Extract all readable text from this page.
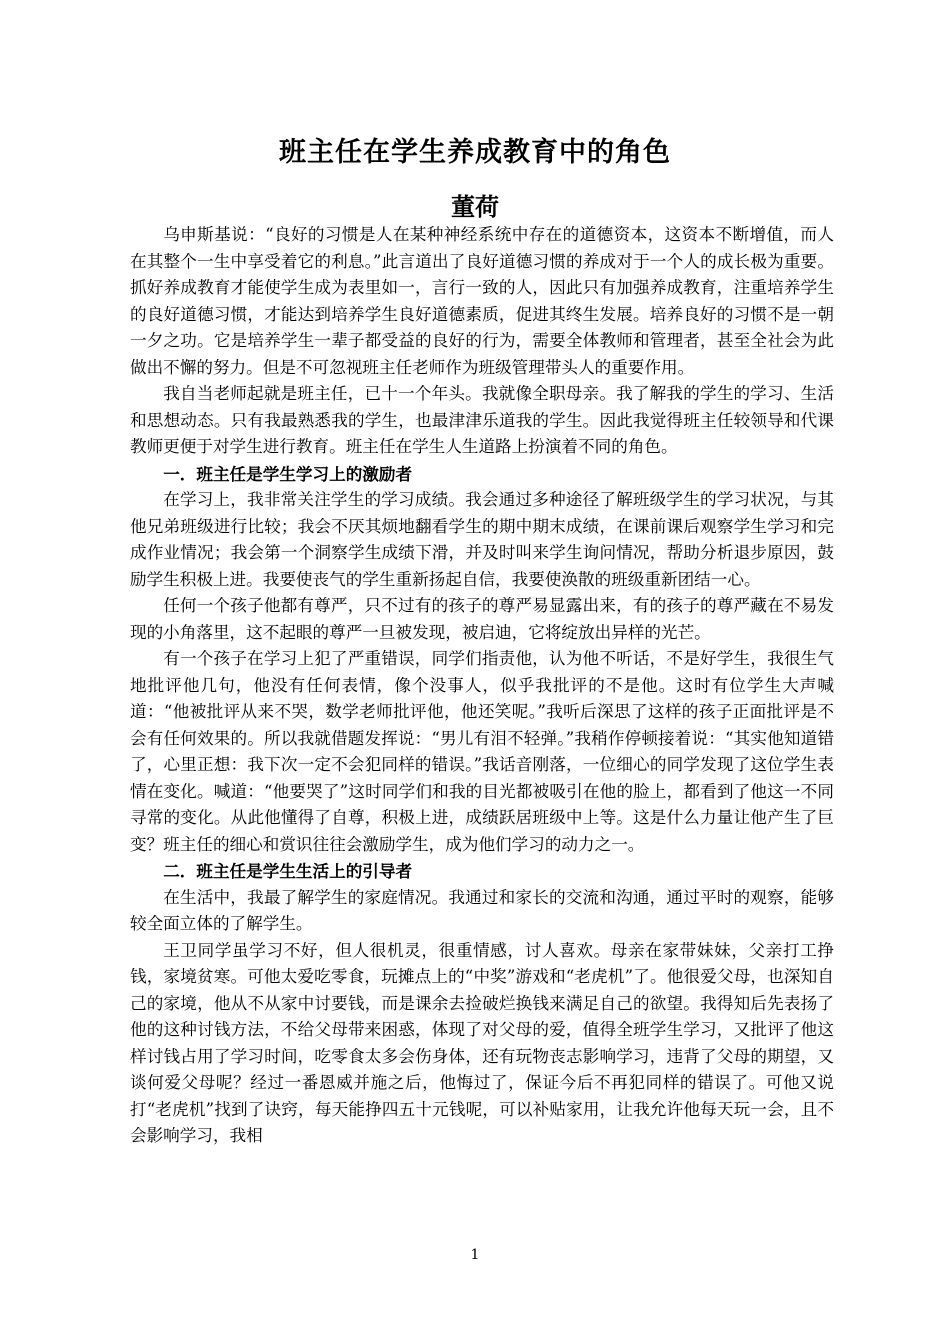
班主任在学生养成教育中的角色
董荷

乌申斯基说：“良好的习惯是人在某种神经系统中存在的道德资本，这资本不断增值，而人在其整个一生中享受着它的利息。”此言道出了良好道德习惯的养成对于一个人的成长极为重要。抓好养成教育才能使学生成为表里如一，言行一致的人，因此只有加强养成教育，注重培养学生的良好道德习惯，才能达到培养学生良好道德素质，促进其终生发展。培养良好的习惯不是一朝一夕之功。它是培养学生一辈子都受益的良好的行为，需要全体教师和管理者，甚至全社会为此做出不懈的努力。但是不可忽视班主任老师作为班级管理带头人的重要作用。

我自当老师起就是班主任，已十一个年头。我就像全职母亲。我了解我的学生的学习、生活和思想动态。只有我最熟悉我的学生，也最津津乐道我的学生。因此我觉得班主任较领导和代课教师更便于对学生进行教育。班主任在学生人生道路上扮演着不同的角色。

一．班主任是学生学习上的激励者

在学习上，我非常关注学生的学习成绩。我会通过多种途径了解班级学生的学习状况，与其他兄弟班级进行比较；我会不厌其烦地翻看学生的期中期末成绩，在课前课后观察学生学习和完成作业情况；我会第一个洞察学生成绩下滑，并及时叫来学生询问情况，帮助分析退步原因，鼓励学生积极上进。我要使丧气的学生重新扬起自信，我要使涣散的班级重新团结一心。

任何一个孩子他都有尊严，只不过有的孩子的尊严易显露出来，有的孩子的尊严藏在不易发现的小角落里，这不起眼的尊严一旦被发现，被启迪，它将绽放出异样的光芒。

有一个孩子在学习上犯了严重错误，同学们指责他，认为他不听话，不是好学生，我很生气地批评他几句，他没有任何表情，像个没事人，似乎我批评的不是他。这时有位学生大声喊道：“他被批评从来不哭，数学老师批评他，他还笑呢。”我听后深思了这样的孩子正面批评是不会有任何效果的。所以我就借题发挥说：“男儿有泪不轻弹。”我稍作停顿接着说：“其实他知道错了，心里正想：我下次一定不会犯同样的错误。”我话音刚落，一位细心的同学发现了这位学生表情在变化。喊道：“他要哭了”这时同学们和我的目光都被吸引在他的脸上，都看到了他这一不同寻常的变化。从此他懂得了自尊，积极上进，成绩跃居班级中上等。这是什么力量让他产生了巨变？班主任的细心和赏识往往会激励学生，成为他们学习的动力之一。

二．班主任是学生生活上的引导者

在生活中，我最了解学生的家庭情况。我通过和家长的交流和沟通，通过平时的观察，能够较全面立体的了解学生。

王卫同学虽学习不好，但人很机灵，很重情感，讨人喜欢。母亲在家带妹妹，父亲打工挣钱，家境贫寒。可他太爱吃零食，玩摊点上的“中奖”游戏和“老虎机”了。他很爱父母，也深知自己的家境，他从不从家中讨要钱，而是课余去捡破烂换钱来满足自己的欲望。我得知后先表扬了他的这种讨钱方法，不给父母带来困惑，体现了对父母的爱，值得全班学生学习，又批评了他这样讨钱占用了学习时间，吃零食太多会伤身体，还有玩物丧志影响学习，违背了父母的期望，又谈何爱父母呢？经过一番恩威并施之后，他悔过了，保证今后不再犯同样的错误了。可他又说打“老虎机”找到了诀窍，每天能挣四五十元钱呢，可以补贴家用，让我允许他每天玩一会，且不会影响学习，我相

1
